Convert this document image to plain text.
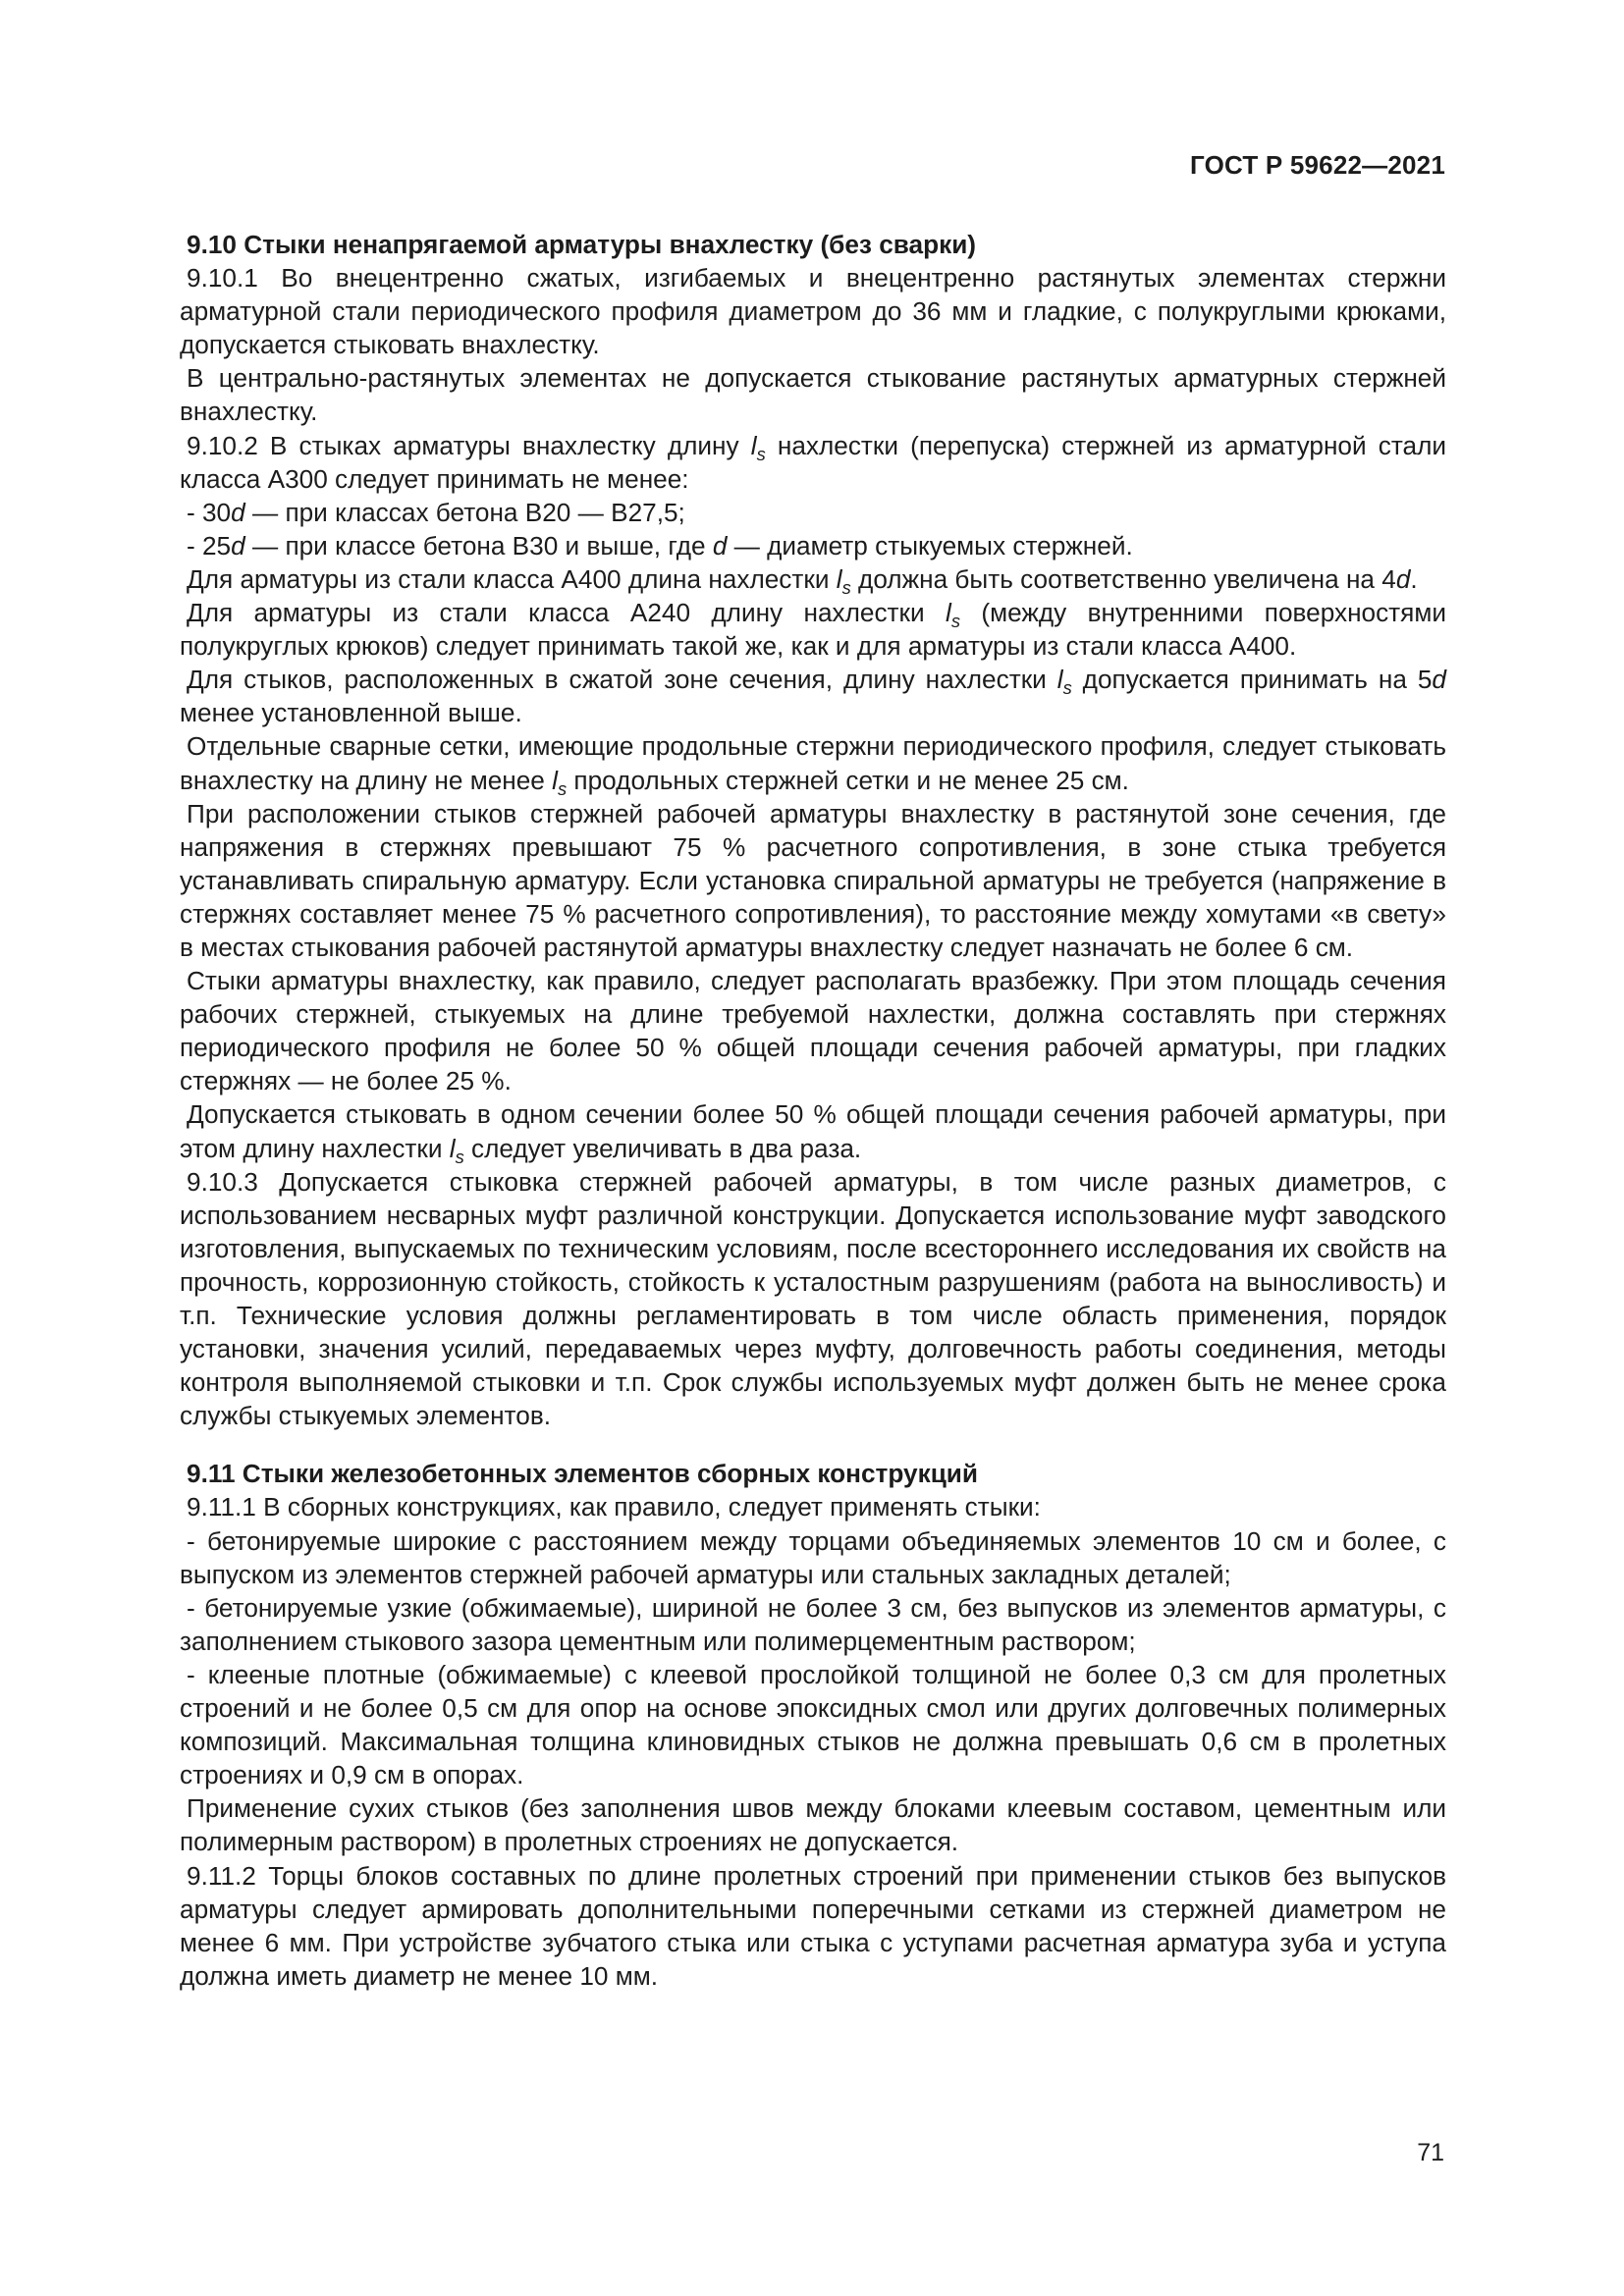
ГОСТ Р 59622—2021

9.10 Стыки ненапрягаемой арматуры внахлестку (без сварки)

9.10.1 Во внецентренно сжатых, изгибаемых и внецентренно растянутых элементах стержни арматурной стали периодического профиля диаметром до 36 мм и гладкие, с полукруглыми крюками, допускается стыковать внахлестку.

В центрально-растянутых элементах не допускается стыкование растянутых арматурных стержней внахлестку.

9.10.2 В стыках арматуры внахлестку длину $l_s$ нахлестки (перепуска) стержней из арматурной стали класса А300 следует принимать не менее:

- 30d — при классах бетона В20 — В27,5;

- 25d — при классе бетона В30 и выше, где d — диаметр стыкуемых стержней.

Для арматуры из стали класса А400 длина нахлестки $l_s$ должна быть соответственно увеличена на 4d.

Для арматуры из стали класса А240 длину нахлестки $l_s$ (между внутренними поверхностями полукруглых крюков) следует принимать такой же, как и для арматуры из стали класса А400.

Для стыков, расположенных в сжатой зоне сечения, длину нахлестки $l_s$ допускается принимать на 5d менее установленной выше.

Отдельные сварные сетки, имеющие продольные стержни периодического профиля, следует стыковать внахлестку на длину не менее $l_s$ продольных стержней сетки и не менее 25 см.

При расположении стыков стержней рабочей арматуры внахлестку в растянутой зоне сечения, где напряжения в стержнях превышают 75 % расчетного сопротивления, в зоне стыка требуется устанавливать спиральную арматуру. Если установка спиральной арматуры не требуется (напряжение в стержнях составляет менее 75 % расчетного сопротивления), то расстояние между хомутами «в свету» в местах стыкования рабочей растянутой арматуры внахлестку следует назначать не более 6 см.

Стыки арматуры внахлестку, как правило, следует располагать вразбежку. При этом площадь сечения рабочих стержней, стыкуемых на длине требуемой нахлестки, должна составлять при стержнях периодического профиля не более 50 % общей площади сечения рабочей арматуры, при гладких стержнях — не более 25 %.

Допускается стыковать в одном сечении более 50 % общей площади сечения рабочей арматуры, при этом длину нахлестки $l_s$ следует увеличивать в два раза.

9.10.3 Допускается стыковка стержней рабочей арматуры, в том числе разных диаметров, с использованием несварных муфт различной конструкции. Допускается использование муфт заводского изготовления, выпускаемых по техническим условиям, после всестороннего исследования их свойств на прочность, коррозионную стойкость, стойкость к усталостным разрушениям (работа на выносливость) и т.п. Технические условия должны регламентировать в том числе область применения, порядок установки, значения усилий, передаваемых через муфту, долговечность работы соединения, методы контроля выполняемой стыковки и т.п. Срок службы используемых муфт должен быть не менее срока службы стыкуемых элементов.

9.11 Стыки железобетонных элементов сборных конструкций

9.11.1 В сборных конструкциях, как правило, следует применять стыки:

- бетонируемые широкие с расстоянием между торцами объединяемых элементов 10 см и более, с выпуском из элементов стержней рабочей арматуры или стальных закладных деталей;

- бетонируемые узкие (обжимаемые), шириной не более 3 см, без выпусков из элементов арматуры, с заполнением стыкового зазора цементным или полимерцементным раствором;

- клееные плотные (обжимаемые) с клеевой прослойкой толщиной не более 0,3 см для пролетных строений и не более 0,5 см для опор на основе эпоксидных смол или других долговечных полимерных композиций. Максимальная толщина клиновидных стыков не должна превышать 0,6 см в пролетных строениях и 0,9 см в опорах.

Применение сухих стыков (без заполнения швов между блоками клеевым составом, цементным или полимерным раствором) в пролетных строениях не допускается.

9.11.2 Торцы блоков составных по длине пролетных строений при применении стыков без выпусков арматуры следует армировать дополнительными поперечными сетками из стержней диаметром не менее 6 мм. При устройстве зубчатого стыка или стыка с уступами расчетная арматура зуба и уступа должна иметь диаметр не менее 10 мм.

71
